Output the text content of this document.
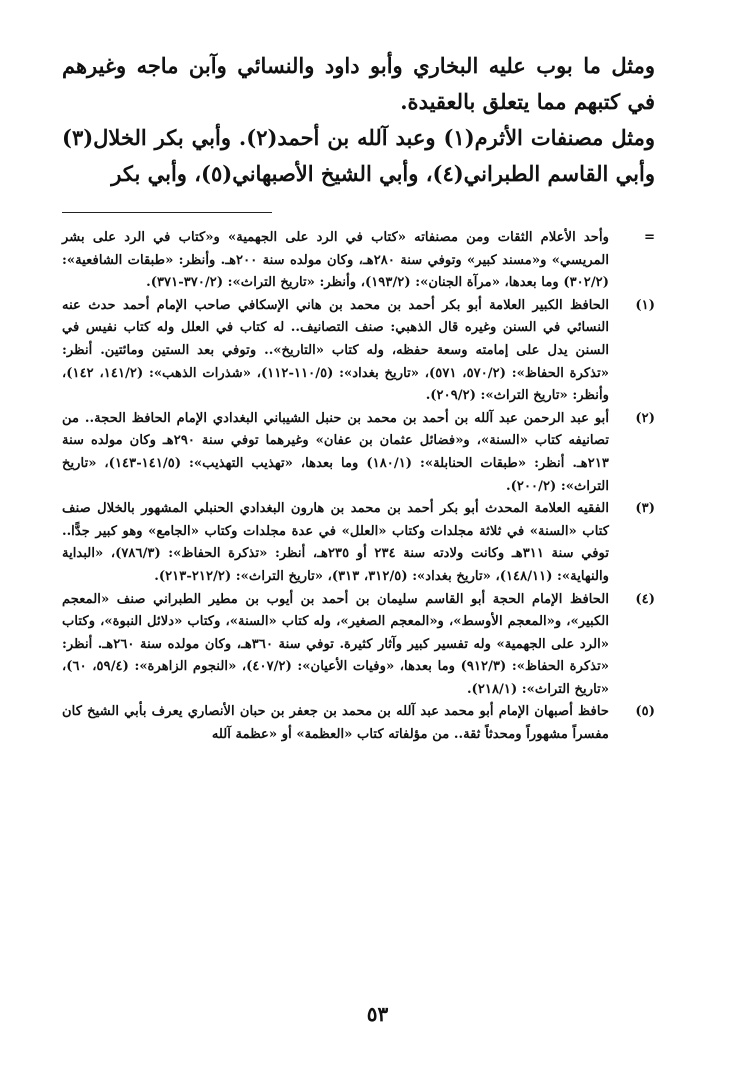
ومثل ما بوب عليه البخاري وأبو داود والنسائي وآبن ماجه وغيرهم في كتبهم مما يتعلق بالعقيدة.

ومثل مصنفات الأثرم(١) وعبد آلله بن أحمد(٢). وأبي بكر الخلال(٣) وأبي القاسم الطبراني(٤)، وأبي الشيخ الأصبهاني(٥)، وأبي بكر

=
وأحد الأعلام الثقات ومن مصنفاته «كتاب في الرد على الجهمية» و«كتاب في الرد على بشر المريسي» و«مسند كبير» وتوفي سنة ٢٨٠هـ، وكان مولده سنة ٢٠٠هـ. وأنظر: «طبقات الشافعية»: (٣٠٢/٢) وما بعدها، «مرآة الجنان»: (١٩٣/٢)، وأنظر: «تاريخ التراث»: (٣٧٠/٢-٣٧١).
(١)
الحافظ الكبير العلامة أبو بكر أحمد بن محمد بن هاني الإسكافي صاحب الإمام أحمد حدث عنه النسائي في السنن وغيره قال الذهبي: صنف التصانيف.. له كتاب في العلل وله كتاب نفيس في السنن يدل على إمامته وسعة حفظه، وله كتاب «التاريخ».. وتوفي بعد الستين ومائتين. أنظر: «تذكرة الحفاظ»: (٥٧٠/٢، ٥٧١)، «تاريخ بغداد»: (١١٠/٥-١١٢)، «شذرات الذهب»: (١٤١/٢، ١٤٢)، وأنظر: «تاريخ التراث»: (٢٠٩/٢).
(٢)
أبو عبد الرحمن عبد آلله بن أحمد بن محمد بن حنبل الشيباني البغدادي الإمام الحافظ الحجة.. من تصانيفه كتاب «السنة»، و«فضائل عثمان بن عفان» وغيرهما توفي سنة ٢٩٠هـ وكان مولده سنة ٢١٣هـ. أنظر: «طبقات الحنابلة»: (١٨٠/١) وما بعدها، «تهذيب التهذيب»: (١٤١/٥-١٤٣)، «تاريخ التراث»: (٢٠٠/٢).
(٣)
الفقيه العلامة المحدث أبو بكر أحمد بن محمد بن هارون البغدادي الحنبلي المشهور بالخلال صنف كتاب «السنة» في ثلاثة مجلدات وكتاب «العلل» في عدة مجلدات وكتاب «الجامع» وهو كبير جدًّا.. توفي سنة ٣١١هـ وكانت ولادته سنة ٢٣٤ أو ٢٣٥هـ، أنظر: «تذكرة الحفاظ»: (٧٨٦/٣)، «البداية والنهاية»: (١٤٨/١١)، «تاريخ بغداد»: (٣١٢/٥، ٣١٣)، «تاريخ التراث»: (٢١٢/٢-٢١٣).
(٤)
الحافظ الإمام الحجة أبو القاسم سليمان بن أحمد بن أيوب بن مطير الطبراني صنف «المعجم الكبير»، و«المعجم الأوسط»، و«المعجم الصغير»، وله كتاب «السنة»، وكتاب «دلائل النبوة»، وكتاب «الرد على الجهمية» وله تفسير كبير وآثار كثيرة. توفي سنة ٣٦٠هـ، وكان مولده سنة ٢٦٠هـ. أنظر: «تذكرة الحفاظ»: (٩١٢/٣) وما بعدها، «وفيات الأعيان»: (٤٠٧/٢)، «النجوم الزاهرة»: (٥٩/٤، ٦٠)، «تاريخ التراث»: (٢١٨/١).
(٥)
حافظ أصبهان الإمام أبو محمد عبد آلله بن محمد بن جعفر بن حبان الأنصاري يعرف بأبي الشيخ كان مفسراً مشهوراً ومحدثاً ثقة.. من مؤلفاته كتاب «العظمة» أو «عظمة آلله
٥٣
